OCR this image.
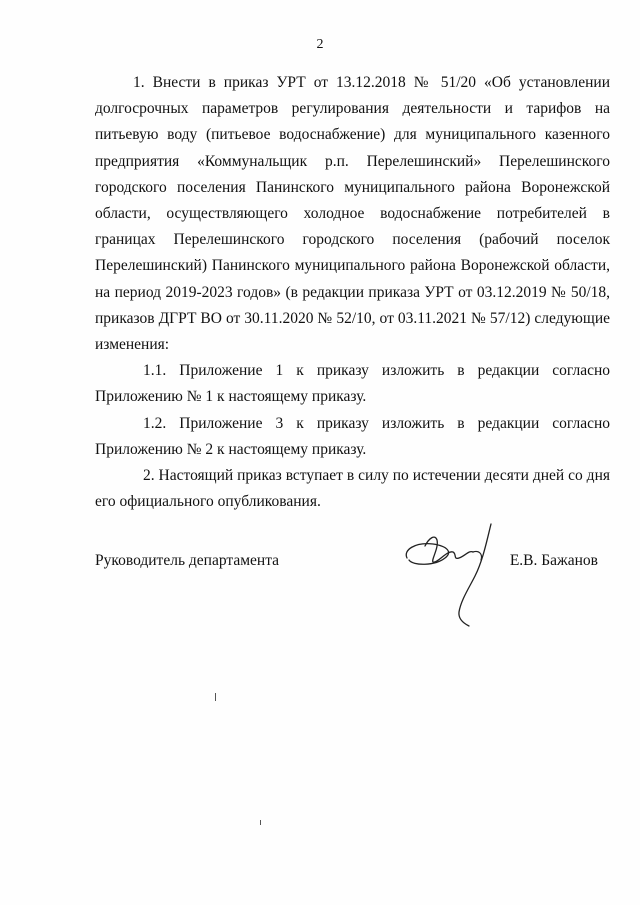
2

1. Внести в приказ УРТ от 13.12.2018 № 51/20 «Об установлении долгосрочных параметров регулирования деятельности и тарифов на питьевую воду (питьевое водоснабжение) для муниципального казенного предприятия «Коммунальщик р.п. Перелешинский» Перелешинского городского поселения Панинского муниципального района Воронежской области, осуществляющего холодное водоснабжение потребителей в границах Перелешинского городского поселения (рабочий поселок Перелешинский) Панинского муниципального района Воронежской области, на период 2019-2023 годов» (в редакции приказа УРТ от 03.12.2019 № 50/18, приказов ДГРТ ВО от 30.11.2020 № 52/10, от 03.11.2021 № 57/12) следующие изменения:

1.1. Приложение 1 к приказу изложить в редакции согласно Приложению № 1 к настоящему приказу.

1.2. Приложение 3 к приказу изложить в редакции согласно Приложению № 2 к настоящему приказу.

2. Настоящий приказ вступает в силу по истечении десяти дней со дня его официального опубликования.

Руководитель департамента	Е.В. Бажанов
